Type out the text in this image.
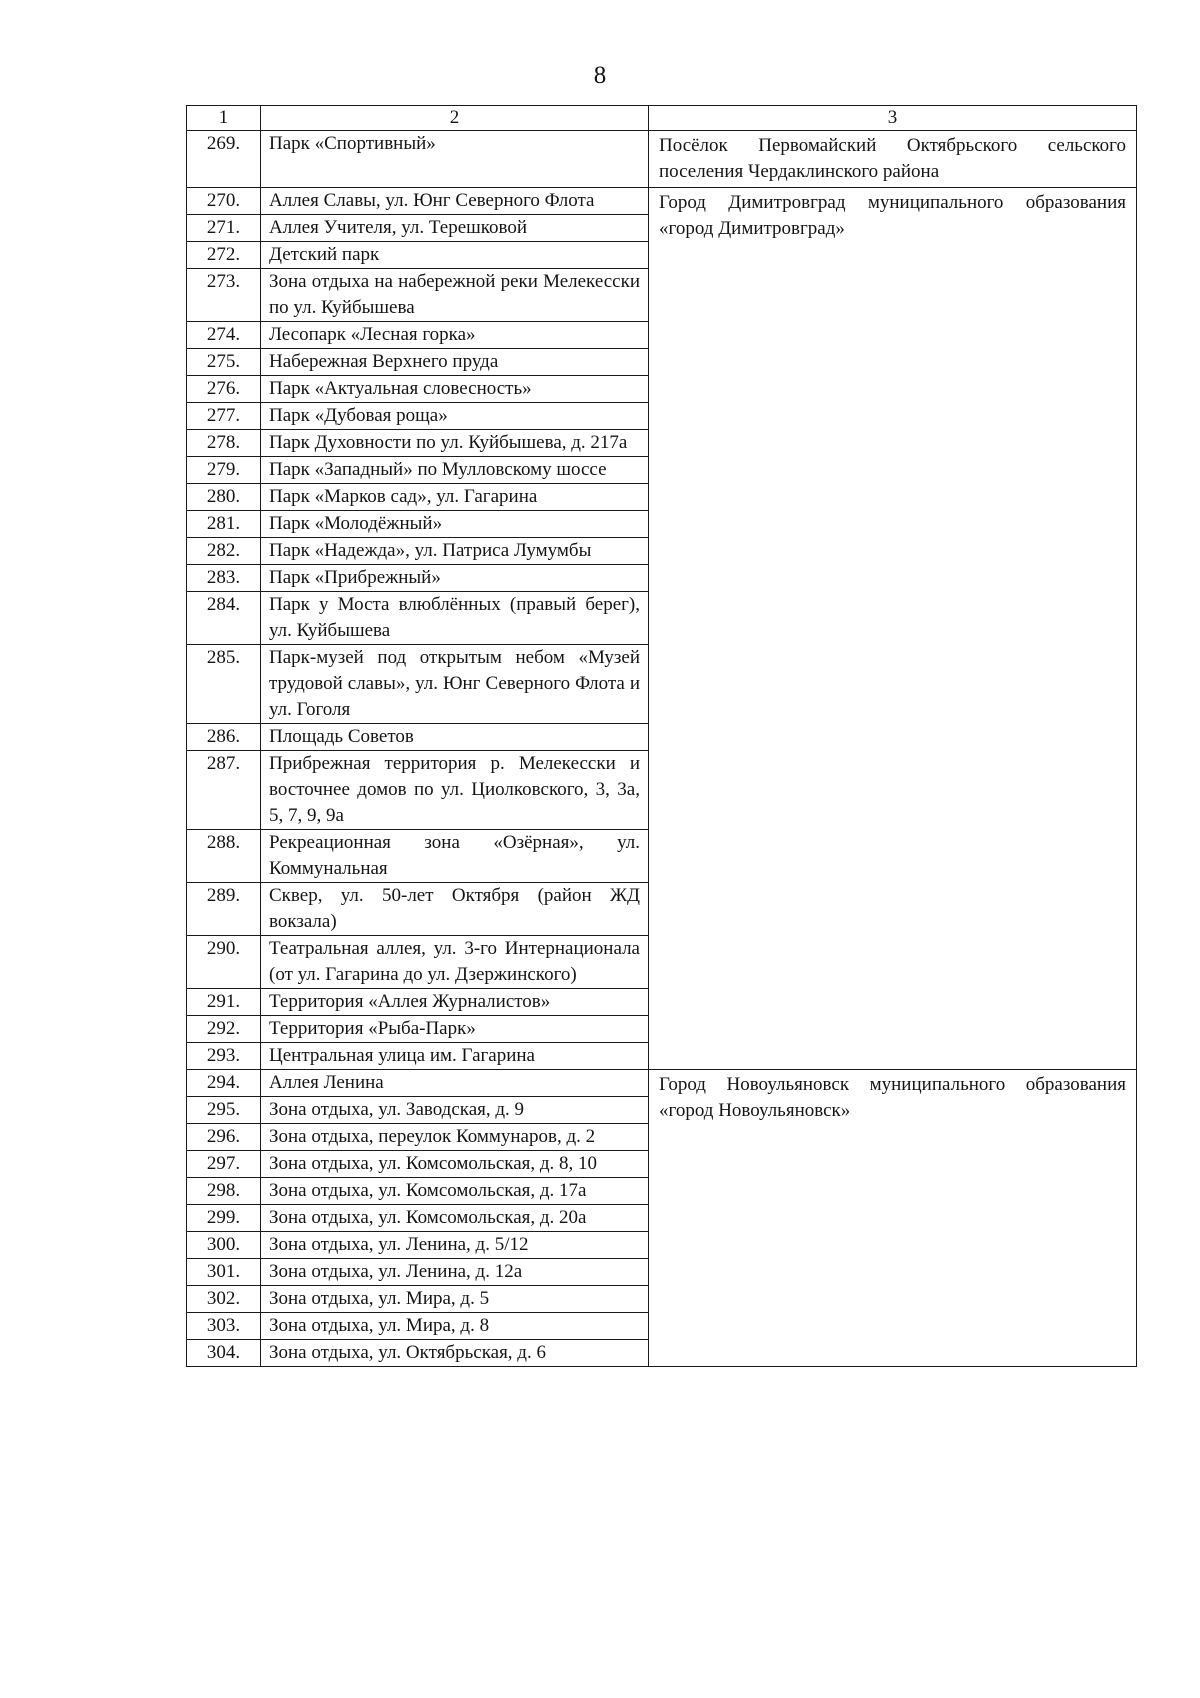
8
1	2	3
269.	Парк «Спортивный»	Посёлок Первомайский Октябрьского сельского поселения Чердаклинского района
270.	Аллея Славы, ул. Юнг Северного Флота	Город Димитровград муниципального образования «город Димитровград»
271.	Аллея Учителя, ул. Терешковой	
272.	Детский парк	
273.	Зона отдыха на набережной реки Мелекесски по ул. Куйбышева	
274.	Лесопарк «Лесная горка»	
275.	Набережная Верхнего пруда	
276.	Парк «Актуальная словесность»	
277.	Парк «Дубовая роща»	
278.	Парк Духовности по ул. Куйбышева, д. 217а	
279.	Парк «Западный» по Мулловскому шоссе	
280.	Парк «Марков сад», ул. Гагарина	
281.	Парк «Молодёжный»	
282.	Парк «Надежда», ул. Патриса Лумумбы	
283.	Парк «Прибрежный»	
284.	Парк у Моста влюблённых (правый берег), ул. Куйбышева	
285.	Парк-музей под открытым небом «Музей трудовой славы», ул. Юнг Северного Флота и ул. Гоголя	
286.	Площадь Советов	
287.	Прибрежная территория р. Мелекесски и восточнее домов по ул. Циолковского, 3, 3а, 5, 7, 9, 9а	
288.	Рекреационная зона «Озёрная», ул. Коммунальная	
289.	Сквер, ул. 50-лет Октября (район ЖД вокзала)	
290.	Театральная аллея, ул. 3-го Интернационала (от ул. Гагарина до ул. Дзержинского)	
291.	Территория «Аллея Журналистов»	
292.	Территория «Рыба-Парк»	
293.	Центральная улица им. Гагарина	
294.	Аллея Ленина	Город Новоульяновск муниципального образования «город Новоульяновск»
295.	Зона отдыха, ул. Заводская, д. 9	
296.	Зона отдыха, переулок Коммунаров, д. 2	
297.	Зона отдыха, ул. Комсомольская, д. 8, 10	
298.	Зона отдыха, ул. Комсомольская, д. 17а	
299.	Зона отдыха, ул. Комсомольская, д. 20а	
300.	Зона отдыха, ул. Ленина, д. 5/12	
301.	Зона отдыха, ул. Ленина, д. 12а	
302.	Зона отдыха, ул. Мира, д. 5	
303.	Зона отдыха, ул. Мира, д. 8	
304.	Зона отдыха, ул. Октябрьская, д. 6	
